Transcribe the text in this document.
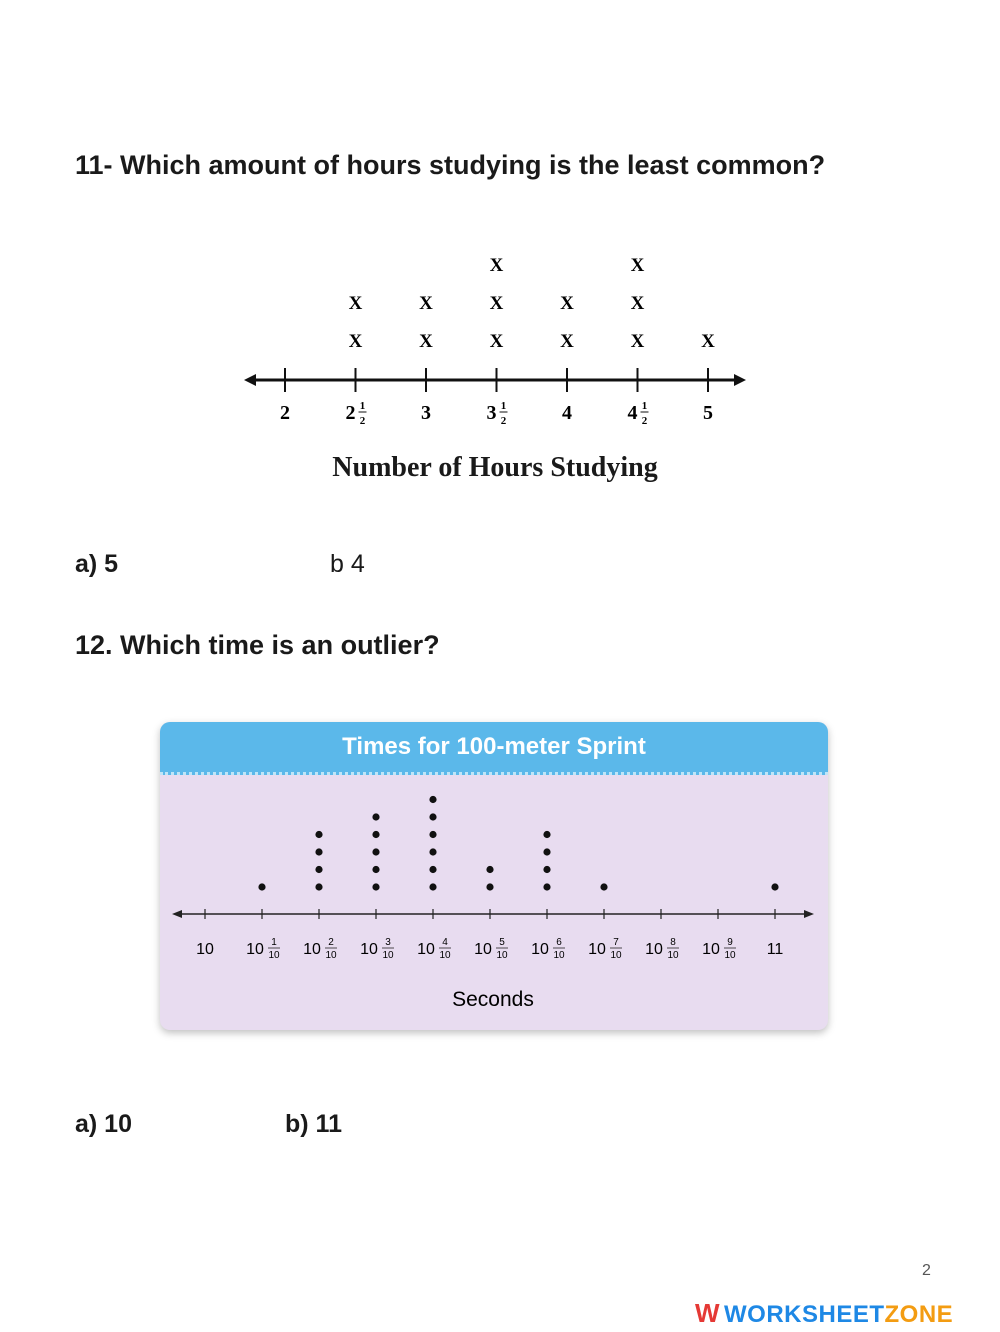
11- Which amount of hours studying is the least common?
2	2 1
2
X
X
3
X
X
3 1
2
X
X
X
4
X
X
4 1
2
X
X
X
5
X
Number of Hours Studying
a) 5	b 4
12. Which time is an outlier?
Times for 100-meter Sprint
10 10 1
10 10 2
10 10 3
10 10 4
10 10 5
10 10 6
10 10 7
10 10 8
10 10 9
10 11
Seconds
a) 10	b) 11
2
W WORKSHEETZONE
